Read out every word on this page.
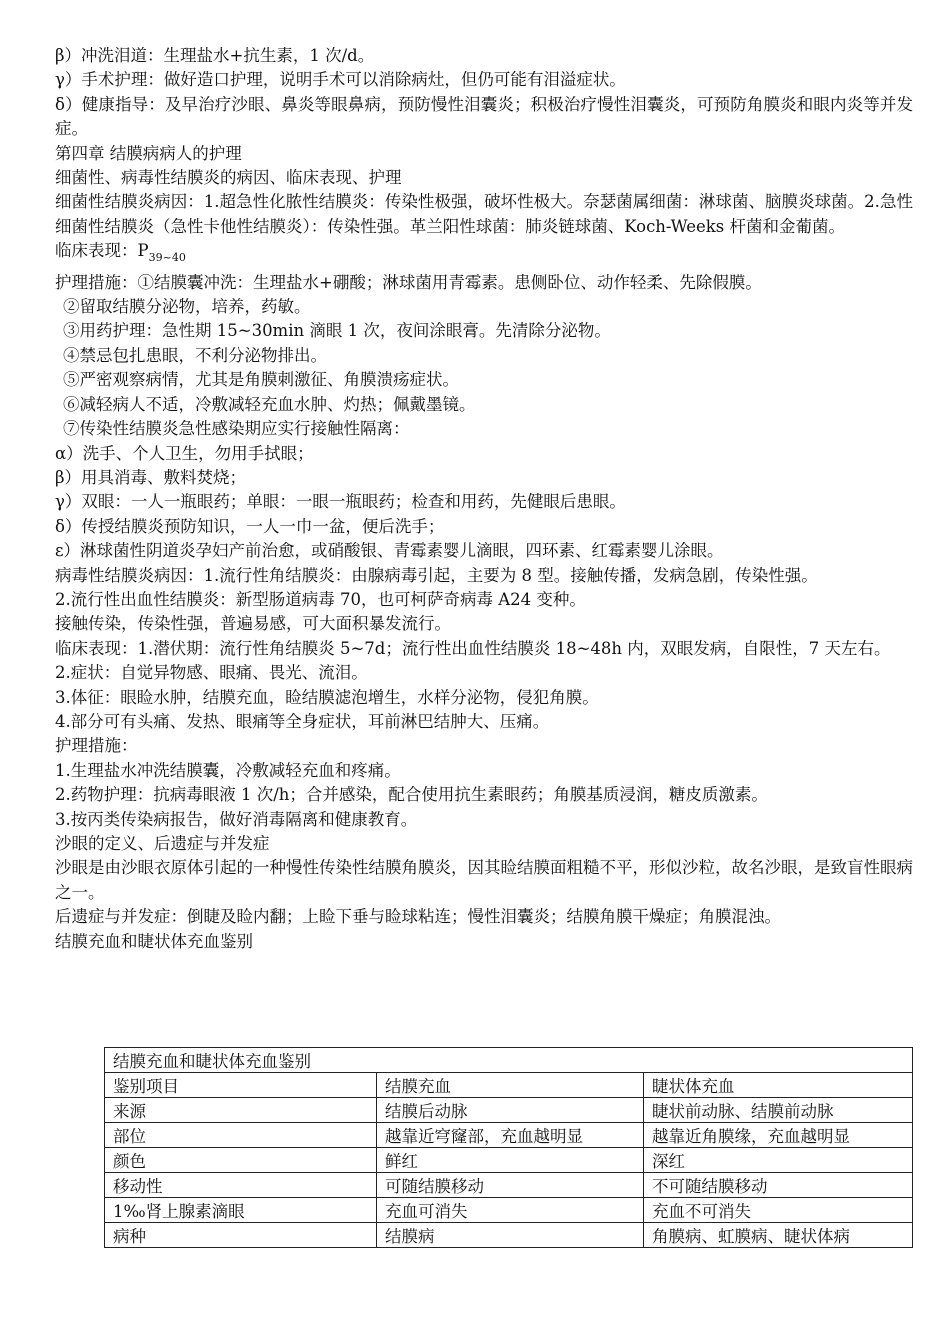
β）冲洗泪道：生理盐水+抗生素，1 次/d。
γ）手术护理：做好造口护理，说明手术可以消除病灶，但仍可能有泪溢症状。
δ）健康指导：及早治疗沙眼、鼻炎等眼鼻病，预防慢性泪囊炎；积极治疗慢性泪囊炎，可预防角膜炎和眼内炎等并发症。
第四章 结膜病病人的护理
细菌性、病毒性结膜炎的病因、临床表现、护理
细菌性结膜炎病因：1.超急性化脓性结膜炎：传染性极强，破坏性极大。奈瑟菌属细菌：淋球菌、脑膜炎球菌。2.急性细菌性结膜炎（急性卡他性结膜炎）：传染性强。革兰阳性球菌：肺炎链球菌、Koch-Weeks 杆菌和金葡菌。
临床表现：$P_{39\sim 40}$
护理措施：①结膜囊冲洗：生理盐水+硼酸；淋球菌用青霉素。患侧卧位、动作轻柔、先除假膜。
②留取结膜分泌物，培养，药敏。
③用药护理：急性期 15~30min 滴眼 1 次，夜间涂眼膏。先清除分泌物。
④禁忌包扎患眼，不利分泌物排出。
⑤严密观察病情，尤其是角膜刺激征、角膜溃疡症状。
⑥减轻病人不适，冷敷减轻充血水肿、灼热；佩戴墨镜。
⑦传染性结膜炎急性感染期应实行接触性隔离：
α）洗手、个人卫生，勿用手拭眼；
β）用具消毒、敷料焚烧；
γ）双眼：一人一瓶眼药；单眼：一眼一瓶眼药；检查和用药，先健眼后患眼。
δ）传授结膜炎预防知识，一人一巾一盆，便后洗手；
ε）淋球菌性阴道炎孕妇产前治愈，或硝酸银、青霉素婴儿滴眼，四环素、红霉素婴儿涂眼。
病毒性结膜炎病因：1.流行性角结膜炎：由腺病毒引起，主要为 8 型。接触传播，发病急剧，传染性强。
2.流行性出血性结膜炎：新型肠道病毒 70，也可柯萨奇病毒 A24 变种。
接触传染，传染性强，普遍易感，可大面积暴发流行。
临床表现：1.潜伏期：流行性角结膜炎 5~7d；流行性出血性结膜炎 18~48h 内，双眼发病，自限性，7 天左右。
2.症状：自觉异物感、眼痛、畏光、流泪。
3.体征：眼睑水肿，结膜充血，睑结膜滤泡增生，水样分泌物，侵犯角膜。
4.部分可有头痛、发热、眼痛等全身症状，耳前淋巴结肿大、压痛。
护理措施：
1.生理盐水冲洗结膜囊，冷敷减轻充血和疼痛。
2.药物护理：抗病毒眼液 1 次/h；合并感染，配合使用抗生素眼药；角膜基质浸润，糖皮质激素。
3.按丙类传染病报告，做好消毒隔离和健康教育。
沙眼的定义、后遗症与并发症
沙眼是由沙眼衣原体引起的一种慢性传染性结膜角膜炎，因其睑结膜面粗糙不平，形似沙粒，故名沙眼，是致盲性眼病之一。
后遗症与并发症：倒睫及睑内翻；上睑下垂与睑球粘连；慢性泪囊炎；结膜角膜干燥症；角膜混浊。
结膜充血和睫状体充血鉴别
结膜充血和睫状体充血鉴别		
鉴别项目	结膜充血	睫状体充血
来源	结膜后动脉	睫状前动脉、结膜前动脉
部位	越靠近穹窿部，充血越明显	越靠近角膜缘，充血越明显
颜色	鲜红	深红
移动性	可随结膜移动	不可随结膜移动
1‰肾上腺素滴眼	充血可消失	充血不可消失
病种	结膜病	角膜病、虹膜病、睫状体病
